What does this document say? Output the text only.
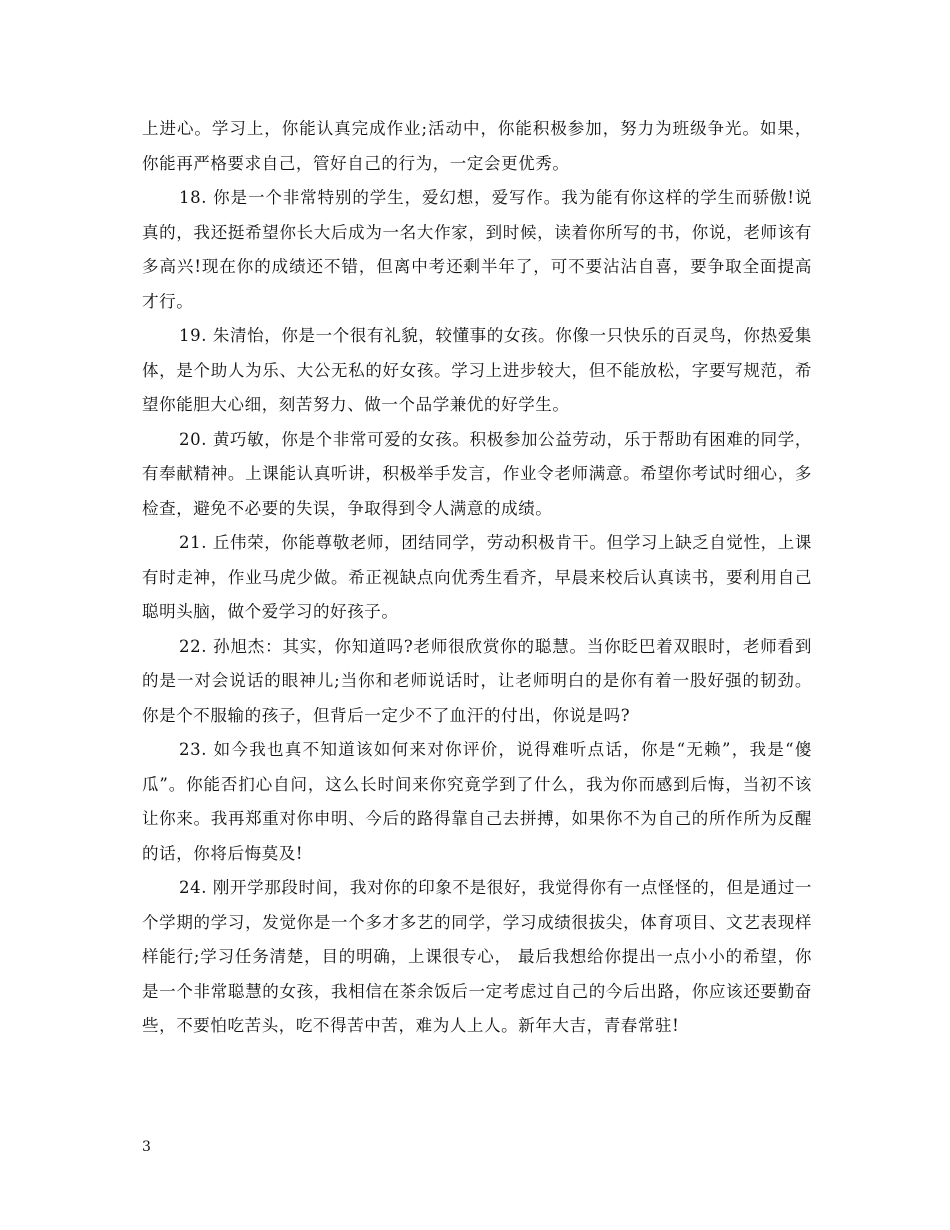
上进心。学习上，你能认真完成作业;活动中，你能积极参加，努力为班级争光。如果，你能再严格要求自己，管好自己的行为，一定会更优秀。

18. 你是一个非常特别的学生，爱幻想，爱写作。我为能有你这样的学生而骄傲!说真的，我还挺希望你长大后成为一名大作家，到时候，读着你所写的书，你说，老师该有多高兴!现在你的成绩还不错，但离中考还剩半年了，可不要沾沾自喜，要争取全面提高才行。

19. 朱清怡，你是一个很有礼貌，较懂事的女孩。你像一只快乐的百灵鸟，你热爱集体，是个助人为乐、大公无私的好女孩。学习上进步较大，但不能放松，字要写规范，希望你能胆大心细，刻苦努力、做一个品学兼优的好学生。

20. 黄巧敏，你是个非常可爱的女孩。积极参加公益劳动，乐于帮助有困难的同学，有奉献精神。上课能认真听讲，积极举手发言，作业令老师满意。希望你考试时细心，多检查，避免不必要的失误，争取得到令人满意的成绩。

21. 丘伟荣，你能尊敬老师，团结同学，劳动积极肯干。但学习上缺乏自觉性，上课有时走神，作业马虎少做。希正视缺点向优秀生看齐，早晨来校后认真读书，要利用自己聪明头脑，做个爱学习的好孩子。

22. 孙旭杰：其实，你知道吗?老师很欣赏你的聪慧。当你眨巴着双眼时，老师看到的是一对会说话的眼神儿;当你和老师说话时，让老师明白的是你有着一股好强的韧劲。你是个不服输的孩子，但背后一定少不了血汗的付出，你说是吗?

23. 如今我也真不知道该如何来对你评价，说得难听点话，你是“无赖”，我是“傻瓜”。你能否扪心自问，这么长时间来你究竟学到了什么，我为你而感到后悔，当初不该让你来。我再郑重对你申明、今后的路得靠自己去拼搏，如果你不为自己的所作所为反醒的话，你将后悔莫及!

24. 刚开学那段时间，我对你的印象不是很好，我觉得你有一点怪怪的，但是通过一个学期的学习，发觉你是一个多才多艺的同学，学习成绩很拔尖，体育项目、文艺表现样样能行;学习任务清楚，目的明确，上课很专心， 最后我想给你提出一点小小的希望，你是一个非常聪慧的女孩，我相信在茶余饭后一定考虑过自己的今后出路，你应该还要勤奋些，不要怕吃苦头，吃不得苦中苦，难为人上人。新年大吉，青春常驻!

3
